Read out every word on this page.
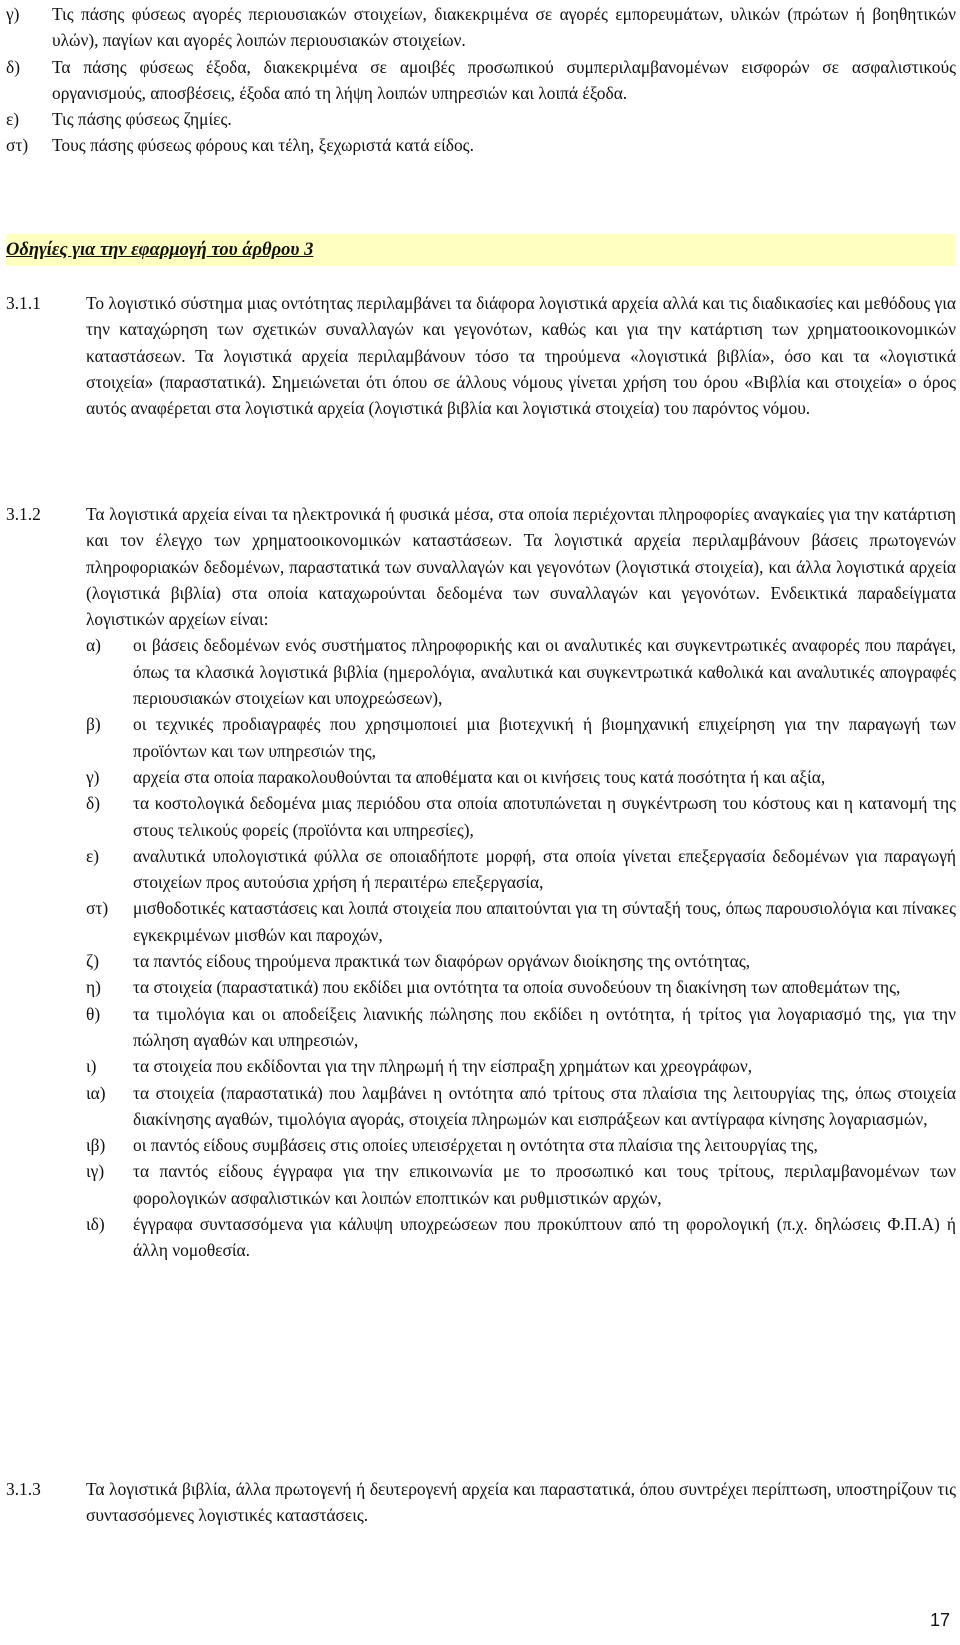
γ) Τις πάσης φύσεως αγορές περιουσιακών στοιχείων, διακεκριμένα σε αγορές εμπορευμάτων, υλικών (πρώτων ή βοηθητικών υλών), παγίων και αγορές λοιπών περιουσιακών στοιχείων.
δ) Τα πάσης φύσεως έξοδα, διακεκριμένα σε αμοιβές προσωπικού συμπεριλαμβανομένων εισφορών σε ασφαλιστικούς οργανισμούς, αποσβέσεις, έξοδα από τη λήψη λοιπών υπηρεσιών και λοιπά έξοδα.
ε) Τις πάσης φύσεως ζημίες.
στ) Τους πάσης φύσεως φόρους και τέλη, ξεχωριστά κατά είδος.
Οδηγίες για την εφαρμογή του άρθρου 3
3.1.1	Το λογιστικό σύστημα μιας οντότητας περιλαμβάνει τα διάφορα λογιστικά αρχεία αλλά και τις διαδικασίες και μεθόδους για την καταχώρηση των σχετικών συναλλαγών και γεγονότων, καθώς και για την κατάρτιση των χρηματοοικονομικών καταστάσεων. Τα λογιστικά αρχεία περιλαμβάνουν τόσο τα τηρούμενα «λογιστικά βιβλία», όσο και τα «λογιστικά στοιχεία» (παραστατικά). Σημειώνεται ότι όπου σε άλλους νόμους γίνεται χρήση του όρου «Βιβλία και στοιχεία» ο όρος αυτός αναφέρεται στα λογιστικά αρχεία (λογιστικά βιβλία και λογιστικά στοιχεία) του παρόντος νόμου.
3.1.2	Τα λογιστικά αρχεία είναι τα ηλεκτρονικά ή φυσικά μέσα, στα οποία περιέχονται πληροφορίες αναγκαίες για την κατάρτιση και τον έλεγχο των χρηματοοικονομικών καταστάσεων. Τα λογιστικά αρχεία περιλαμβάνουν βάσεις πρωτογενών πληροφοριακών δεδομένων, παραστατικά των συναλλαγών και γεγονότων (λογιστικά στοιχεία), και άλλα λογιστικά αρχεία (λογιστικά βιβλία) στα οποία καταχωρούνται δεδομένα των συναλλαγών και γεγονότων. Ενδεικτικά παραδείγματα λογιστικών αρχείων είναι:
α) οι βάσεις δεδομένων ενός συστήματος πληροφορικής και οι αναλυτικές και συγκεντρωτικές αναφορές που παράγει, όπως τα κλασικά λογιστικά βιβλία (ημερολόγια, αναλυτικά και συγκεντρωτικά καθολικά και αναλυτικές απογραφές περιουσιακών στοιχείων και υποχρεώσεων),
β) οι τεχνικές προδιαγραφές που χρησιμοποιεί μια βιοτεχνική ή βιομηχανική επιχείρηση για την παραγωγή των προϊόντων και των υπηρεσιών της,
γ) αρχεία στα οποία παρακολουθούνται τα αποθέματα και οι κινήσεις τους κατά ποσότητα ή και αξία,
δ) τα κοστολογικά δεδομένα μιας περιόδου στα οποία αποτυπώνεται η συγκέντρωση του κόστους και η κατανομή της στους τελικούς φορείς (προϊόντα και υπηρεσίες),
ε) αναλυτικά υπολογιστικά φύλλα σε οποιαδήποτε μορφή, στα οποία γίνεται επεξεργασία δεδομένων για παραγωγή στοιχείων προς αυτούσια χρήση ή περαιτέρω επεξεργασία,
στ) μισθοδοτικές καταστάσεις και λοιπά στοιχεία που απαιτούνται για τη σύνταξή τους, όπως παρουσιολόγια και πίνακες εγκεκριμένων μισθών και παροχών,
ζ) τα παντός είδους τηρούμενα πρακτικά των διαφόρων οργάνων διοίκησης της οντότητας,
η) τα στοιχεία (παραστατικά) που εκδίδει μια οντότητα τα οποία συνοδεύουν τη διακίνηση των αποθεμάτων της,
θ) τα τιμολόγια και οι αποδείξεις λιανικής πώλησης που εκδίδει η οντότητα, ή τρίτος για λογαριασμό της, για την πώληση αγαθών και υπηρεσιών,
ι) τα στοιχεία που εκδίδονται για την πληρωμή ή την είσπραξη χρημάτων και χρεογράφων,
ια) τα στοιχεία (παραστατικά) που λαμβάνει η οντότητα από τρίτους στα πλαίσια της λειτουργίας της, όπως στοιχεία διακίνησης αγαθών, τιμολόγια αγοράς, στοιχεία πληρωμών και εισπράξεων και αντίγραφα κίνησης λογαριασμών,
ιβ) οι παντός είδους συμβάσεις στις οποίες υπεισέρχεται η οντότητα στα πλαίσια της λειτουργίας της,
ιγ) τα παντός είδους έγγραφα για την επικοινωνία με το προσωπικό και τους τρίτους, περιλαμβανομένων των φορολογικών ασφαλιστικών και λοιπών εποπτικών και ρυθμιστικών αρχών,
ιδ) έγγραφα συντασσόμενα για κάλυψη υποχρεώσεων που προκύπτουν από τη φορολογική (π.χ. δηλώσεις Φ.Π.Α) ή άλλη νομοθεσία.
3.1.3	Τα λογιστικά βιβλία, άλλα πρωτογενή ή δευτερογενή αρχεία και παραστατικά, όπου συντρέχει περίπτωση, υποστηρίζουν τις συντασσόμενες λογιστικές καταστάσεις.
17
